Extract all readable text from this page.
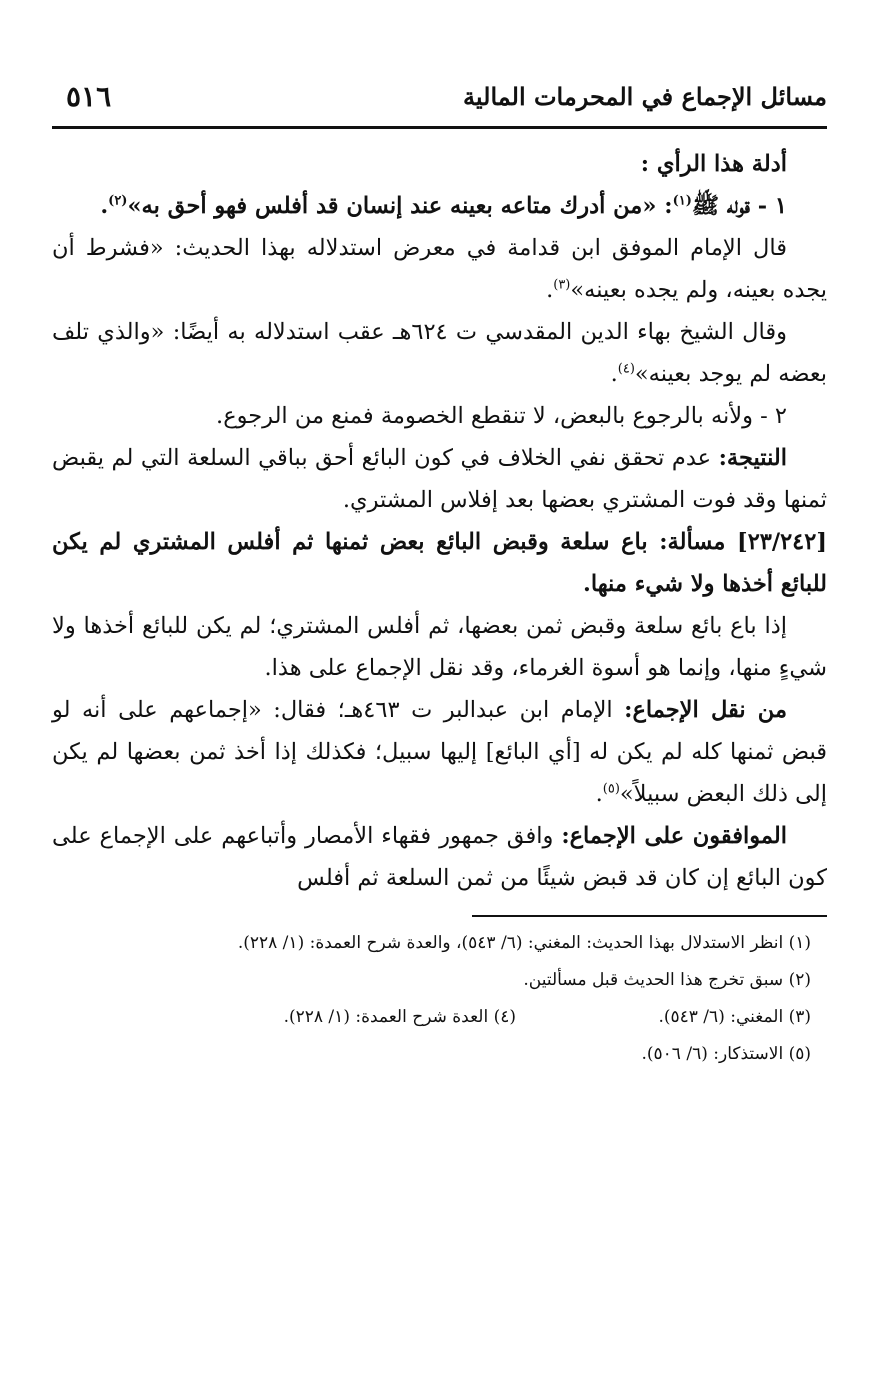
مسائل الإجماع في المحرمات المالية
٥١٦

أدلة هذا الرأي :

١ - قوله ﷺ$^{(١)}$: «من أدرك متاعه بعينه عند إنسان قد أفلس فهو أحق به»$^{(٢)}$.

قال الإمام الموفق ابن قدامة في معرض استدلاله بهذا الحديث: «فشرط أن يجده بعينه، ولم يجده بعينه»$^{(٣)}$.

وقال الشيخ بهاء الدين المقدسي ت ٦٢٤هـ عقب استدلاله به أيضًا: «والذي تلف بعضه لم يوجد بعينه»$^{(٤)}$.

٢ - ولأنه بالرجوع بالبعض، لا تنقطع الخصومة فمنع من الرجوع.

النتيجة: عدم تحقق نفي الخلاف في كون البائع أحق بباقي السلعة التي لم يقبض ثمنها وقد فوت المشتري بعضها بعد إفلاس المشتري.

[٢٣/٢٤٢] مسألة: باع سلعة وقبض البائع بعض ثمنها ثم أفلس المشتري لم يكن للبائع أخذها ولا شيء منها.

إذا باع بائع سلعة وقبض ثمن بعضها، ثم أفلس المشتري؛ لم يكن للبائع أخذها ولا شيءٍ منها، وإنما هو أسوة الغرماء، وقد نقل الإجماع على هذا.

من نقل الإجماع: الإمام ابن عبدالبر ت ٤٦٣هـ؛ فقال: «إجماعهم على أنه لو قبض ثمنها كله لم يكن له [أي البائع] إليها سبيل؛ فكذلك إذا أخذ ثمن بعضها لم يكن إلى ذلك البعض سبيلاً»$^{(٥)}$.

الموافقون على الإجماع: وافق جمهور فقهاء الأمصار وأتباعهم على الإجماع على كون البائع إن كان قد قبض شيئًا من ثمن السلعة ثم أفلس

(١) انظر الاستدلال بهذا الحديث: المغني: (٦/ ٥٤٣)، والعدة شرح العمدة: (١/ ٢٢٨).
(٢) سبق تخرج هذا الحديث قبل مسألتين.
(٣) المغني: (٦/ ٥٤٣).
(٤) العدة شرح العمدة: (١/ ٢٢٨).
(٥) الاستذكار: (٦/ ٥٠٦).
